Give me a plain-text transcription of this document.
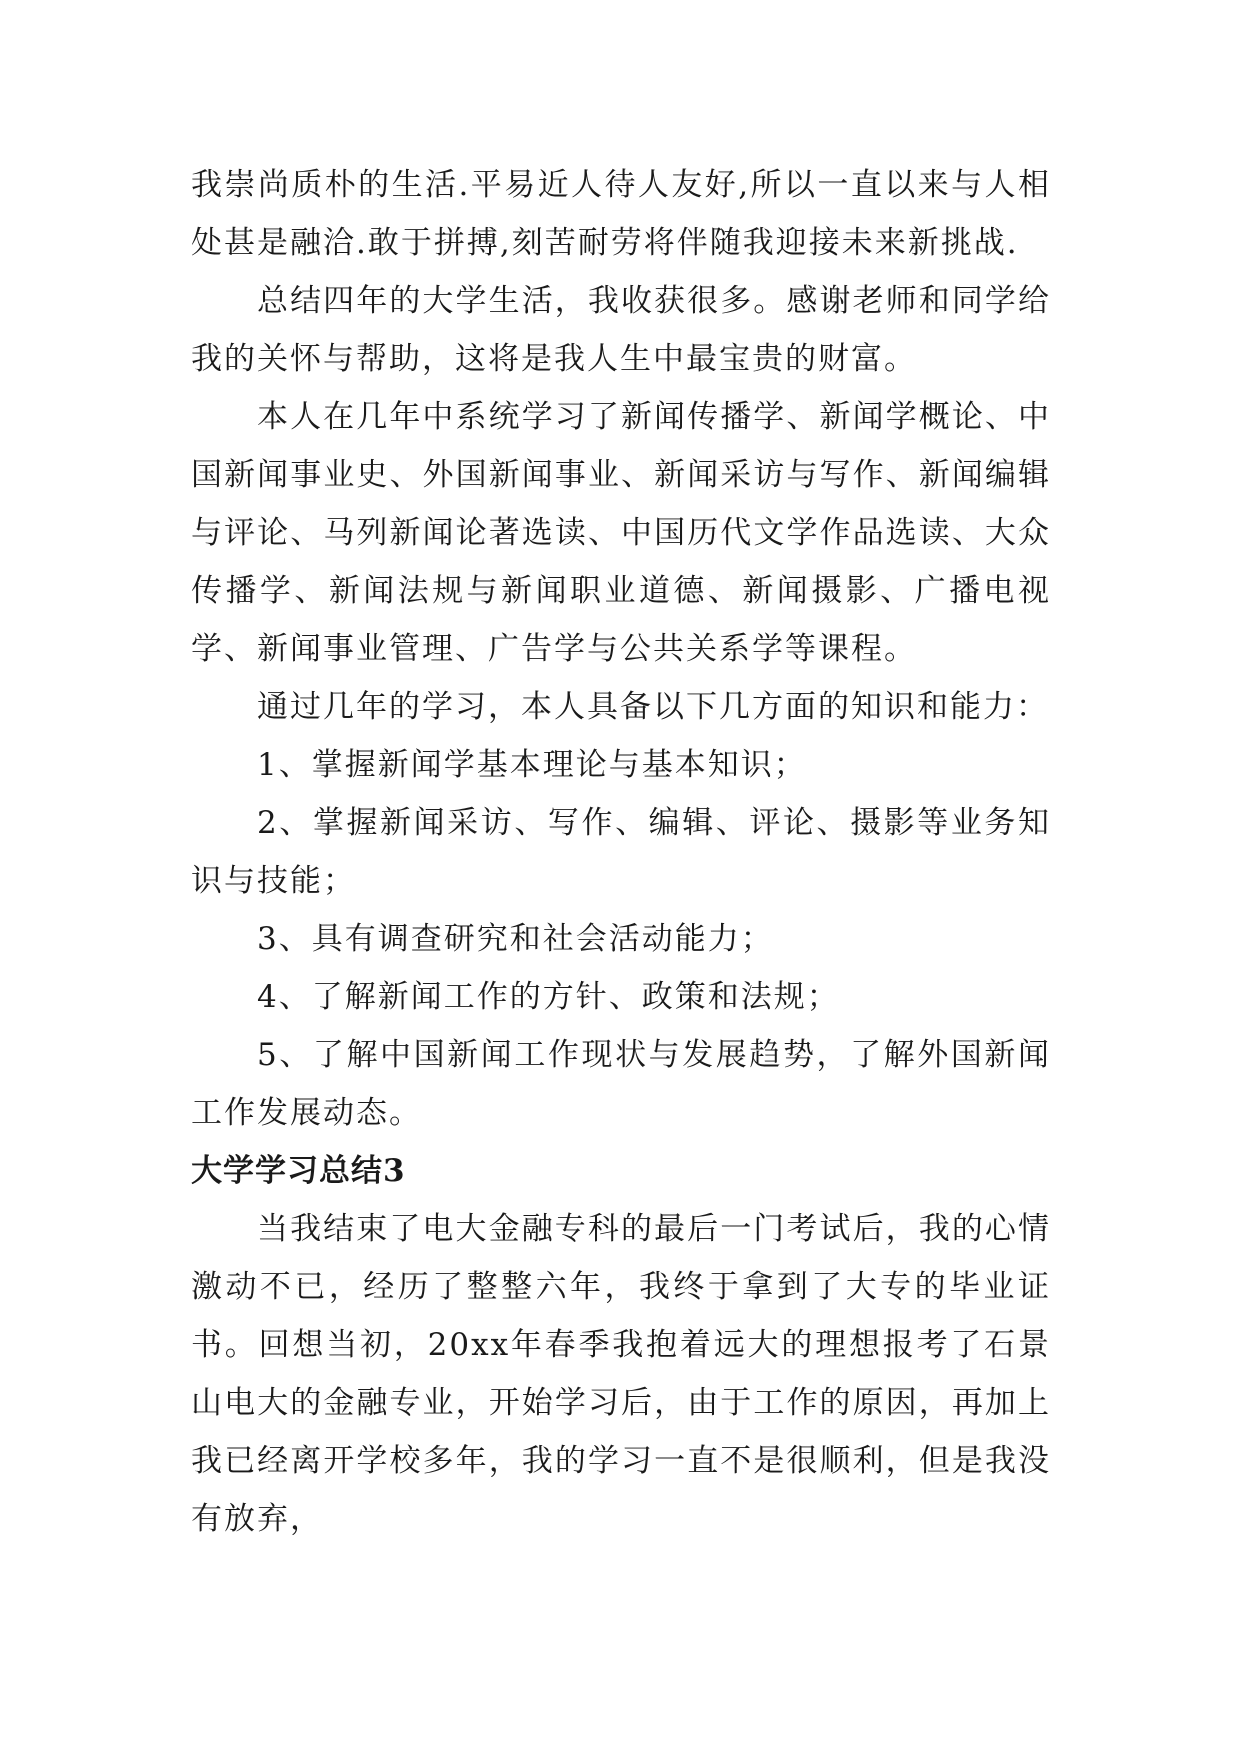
我崇尚质朴的生活.平易近人待人友好,所以一直以来与人相处甚是融洽.敢于拼搏,刻苦耐劳将伴随我迎接未来新挑战.

总结四年的大学生活，我收获很多。感谢老师和同学给我的关怀与帮助，这将是我人生中最宝贵的财富。

本人在几年中系统学习了新闻传播学、新闻学概论、中国新闻事业史、外国新闻事业、新闻采访与写作、新闻编辑与评论、马列新闻论著选读、中国历代文学作品选读、大众传播学、新闻法规与新闻职业道德、新闻摄影、广播电视学、新闻事业管理、广告学与公共关系学等课程。

通过几年的学习，本人具备以下几方面的知识和能力：

1、掌握新闻学基本理论与基本知识；

2、掌握新闻采访、写作、编辑、评论、摄影等业务知识与技能；

3、具有调查研究和社会活动能力；

4、了解新闻工作的方针、政策和法规；

5、了解中国新闻工作现状与发展趋势，了解外国新闻工作发展动态。

大学学习总结3

当我结束了电大金融专科的最后一门考试后，我的心情激动不已，经历了整整六年，我终于拿到了大专的毕业证书。回想当初，20xx年春季我抱着远大的理想报考了石景山电大的金融专业，开始学习后，由于工作的原因，再加上我已经离开学校多年，我的学习一直不是很顺利，但是我没有放弃，
